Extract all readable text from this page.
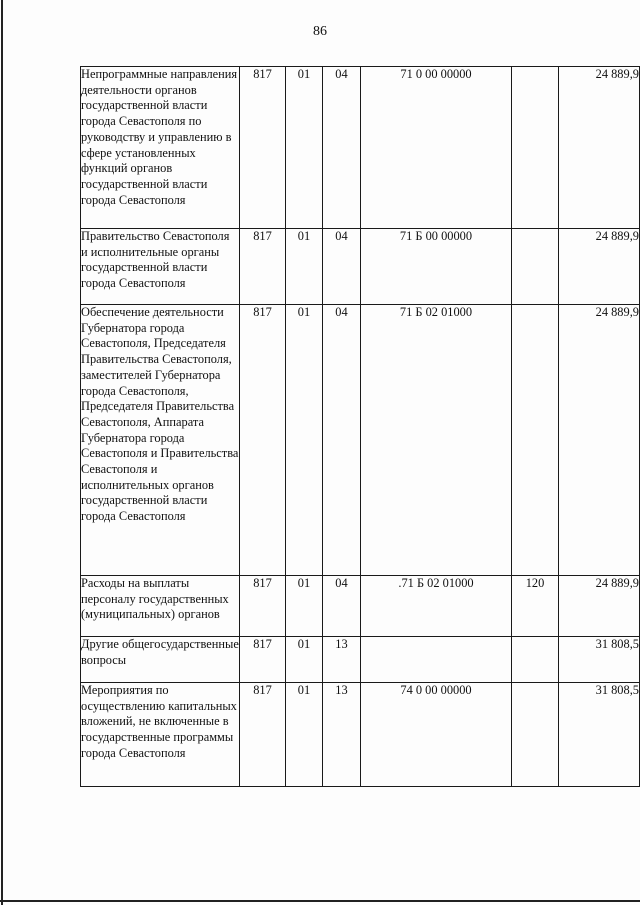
86
Непрограммные направления деятельности органов государственной власти города Севастополя по руководству и управлению в сфере установленных функций органов государственной власти города Севастополя	817	01	04	71 0 00 00000		24 889,9
Правительство Севастополя и исполнительные органы государственной власти города Севастополя	817	01	04	71 Б 00 00000		24 889,9
Обеспечение деятельности Губернатора города Севастополя, Председателя Правительства Севастополя, заместителей Губернатора города Севастополя, Председателя Правительства Севастополя, Аппарата Губернатора города Севастополя и Правительства Севастополя и исполнительных органов государственной власти города Севастополя	817	01	04	71 Б 02 01000		24 889,9
Расходы на выплаты персоналу государственных (муниципальных) органов	817	01	04	.71 Б 02 01000	120	24 889,9
Другие общегосударственные вопросы	817	01	13			31 808,5
Мероприятия по осуществлению капитальных вложений, не включенные в государственные программы города Севастополя	817	01	13	74 0 00 00000		31 808,5
